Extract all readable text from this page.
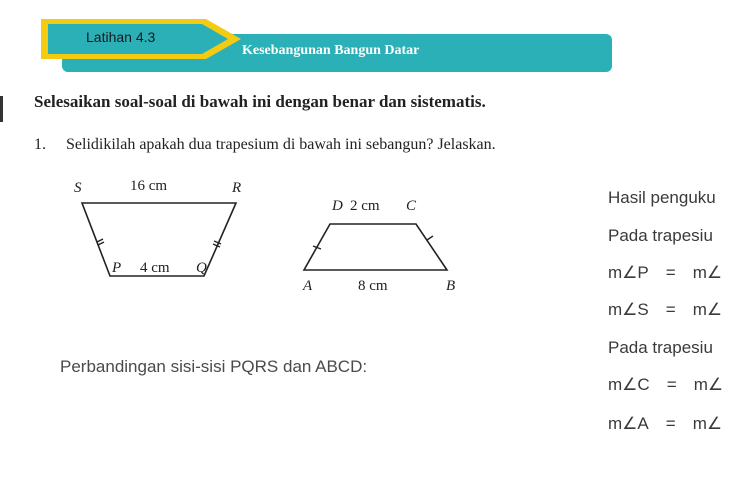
Latihan 4.3
Kesebangunan Bangun Datar
Selesaikan soal-soal di bawah ini dengan benar dan sistematis.
1. Selidikilah apakah dua trapesium di bawah ini sebangun? Jelaskan.
S	16 cm	R
P 4 cm Q
D 2 cm C
A	8 cm	B
Perbandingan sisi-sisi PQRS dan ABCD:
Hasil penguku
Pada trapesiu
m∠P = m∠
m∠S = m∠
Pada trapesiu
m∠C = m∠
m∠A = m∠
